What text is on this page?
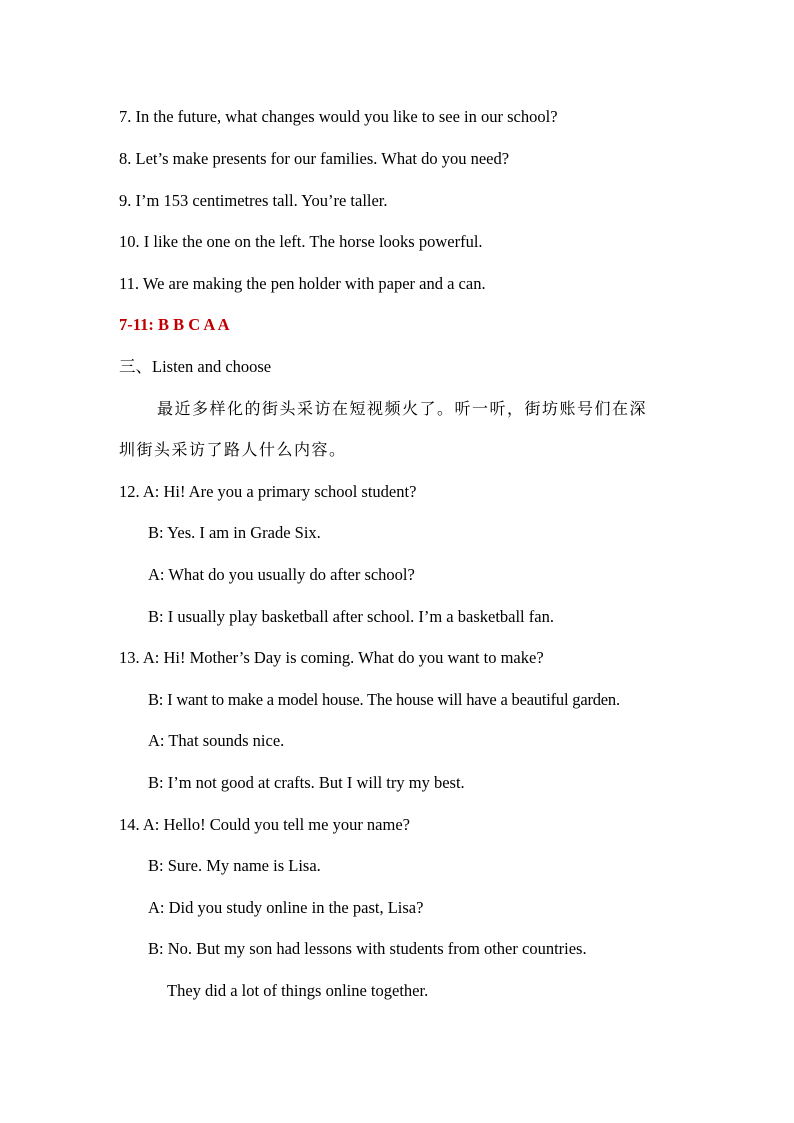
7. In the future, what changes would you like to see in our school?
8. Let’s make presents for our families. What do you need?
9. I’m 153 centimetres tall. You’re taller.
10. I like the one on the left. The horse looks powerful.
11. We are making the pen holder with paper and a can.
7-11: B B C A A
三、Listen and choose
最近多样化的街头采访在短视频火了。听一听，街坊账号们在深
圳街头采访了路人什么内容。
12. A: Hi! Are you a primary school student?
B: Yes. I am in Grade Six.
A: What do you usually do after school?
B: I usually play basketball after school. I’m a basketball fan.
13. A: Hi! Mother’s Day is coming. What do you want to make?
B: I want to make a model house. The house will have a beautiful garden.
A: That sounds nice.
B: I’m not good at crafts. But I will try my best.
14. A: Hello! Could you tell me your name?
B: Sure. My name is Lisa.
A: Did you study online in the past, Lisa?
B: No. But my son had lessons with students from other countries.
They did a lot of things online together.
